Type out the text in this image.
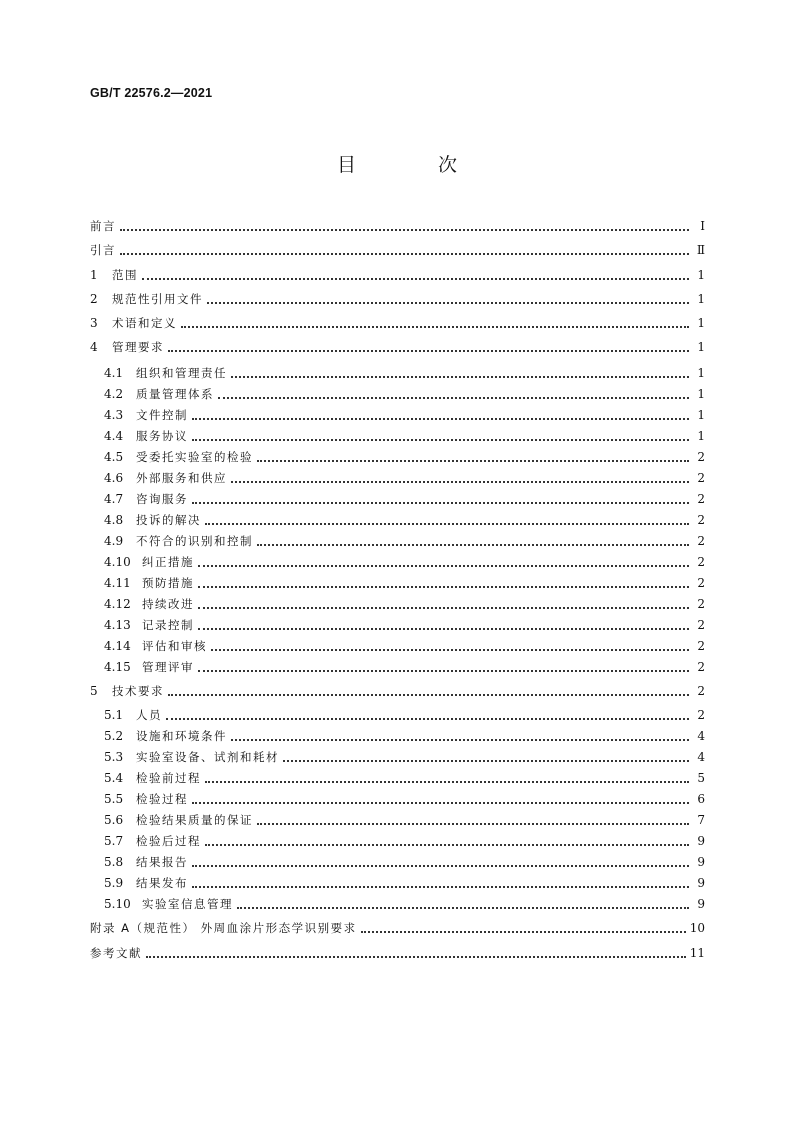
GB/T 22576.2—2021
目 次
前言	Ⅰ
引言	Ⅱ
1	范围	1
2	规范性引用文件	1
3	术语和定义	1
4	管理要求	1
4.1	组织和管理责任	1
4.2	质量管理体系	1
4.3	文件控制	1
4.4	服务协议	1
4.5	受委托实验室的检验	2
4.6	外部服务和供应	2
4.7	咨询服务	2
4.8	投诉的解决	2
4.9	不符合的识别和控制	2
4.10 纠正措施	2
4.11 预防措施	2
4.12 持续改进	2
4.13 记录控制	2
4.14 评估和审核	2
4.15 管理评审	2
5	技术要求	2
5.1	人员	2
5.2	设施和环境条件	4
5.3	实验室设备、试剂和耗材	4
5.4	检验前过程	5
5.5	检验过程	6
5.6	检验结果质量的保证	7
5.7	检验后过程	9
5.8	结果报告	9
5.9	结果发布	9
5.10 实验室信息管理	9
附录 A（规范性） 外周血涂片形态学识别要求	10
参考文献	11
